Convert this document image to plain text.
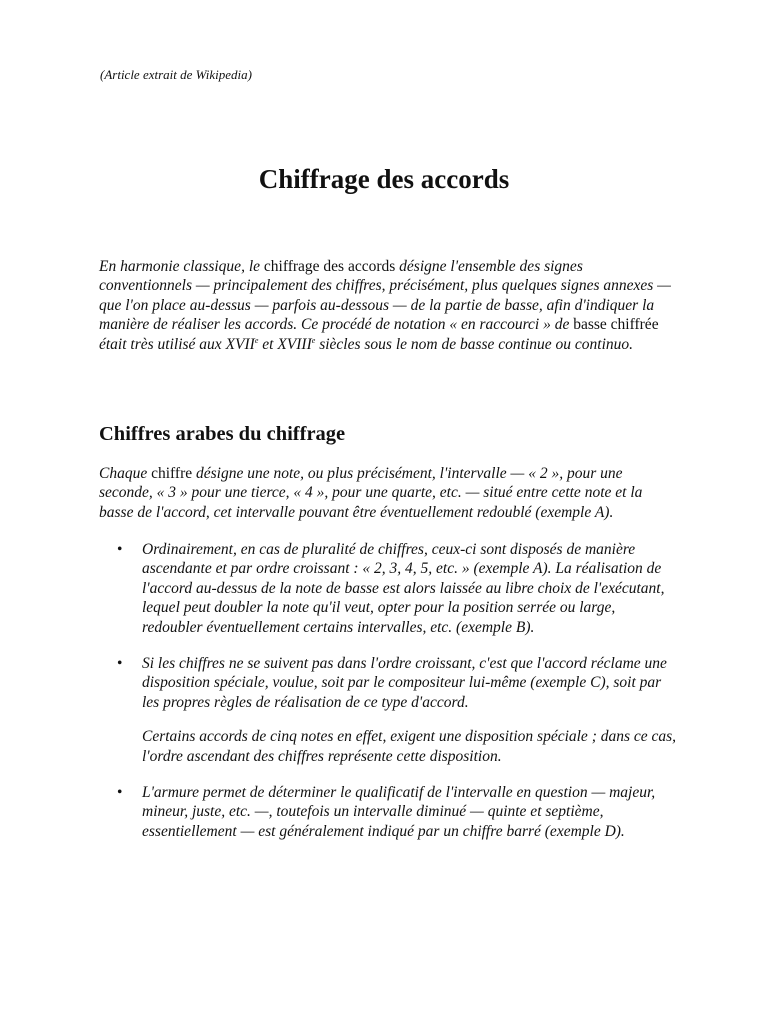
(Article extrait de Wikipedia)

Chiffrage des accords

En harmonie classique, le chiffrage des accords désigne l'ensemble des signes conventionnels — principalement des chiffres, précisément, plus quelques signes annexes — que l'on place au-dessus — parfois au-dessous — de la partie de basse, afin d'indiquer la manière de réaliser les accords. Ce procédé de notation « en raccourci » de basse chiffrée était très utilisé aux XVIIe et XVIIIe siècles sous le nom de basse continue ou continuo.

Chiffres arabes du chiffrage

Chaque chiffre désigne une note, ou plus précisément, l'intervalle — « 2 », pour une seconde, « 3 » pour une tierce, « 4 », pour une quarte, etc. — situé entre cette note et la basse de l'accord, cet intervalle pouvant être éventuellement redoublé (exemple A).

• Ordinairement, en cas de pluralité de chiffres, ceux-ci sont disposés de manière ascendante et par ordre croissant : « 2, 3, 4, 5, etc. » (exemple A). La réalisation de l'accord au-dessus de la note de basse est alors laissée au libre choix de l'exécutant, lequel peut doubler la note qu'il veut, opter pour la position serrée ou large, redoubler éventuellement certains intervalles, etc. (exemple B).

• Si les chiffres ne se suivent pas dans l'ordre croissant, c'est que l'accord réclame une disposition spéciale, voulue, soit par le compositeur lui-même (exemple C), soit par les propres règles de réalisation de ce type d'accord.

Certains accords de cinq notes en effet, exigent une disposition spéciale ; dans ce cas, l'ordre ascendant des chiffres représente cette disposition.

• L'armure permet de déterminer le qualificatif de l'intervalle en question — majeur, mineur, juste, etc. —, toutefois un intervalle diminué — quinte et septième, essentiellement — est généralement indiqué par un chiffre barré (exemple D).
